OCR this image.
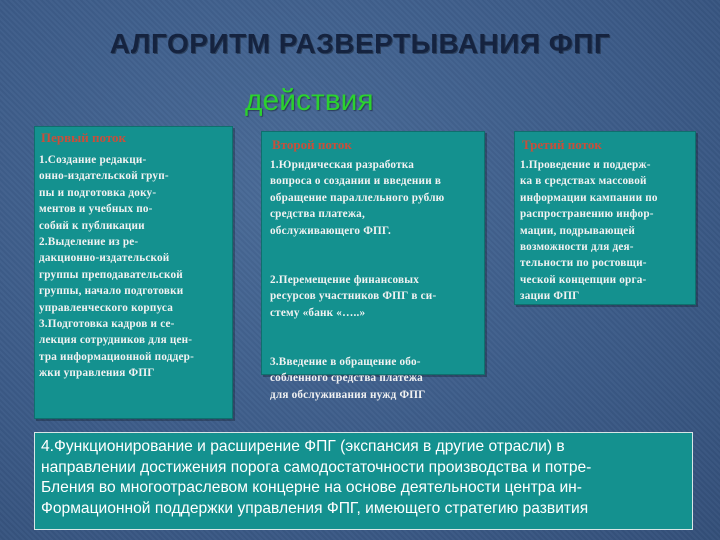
АЛГОРИТМ РАЗВЕРТЫВАНИЯ ФПГ
действия
Первый поток
1.Создание редакци-
онно-издательской груп-
пы и подготовка доку-
ментов и учебных по-
собий к публикации
2.Выделение из ре-
дакционно-издательской
группы преподавательской
группы, начало подготовки
управленческого корпуса
3.Подготовка кадров и се-
лекция сотрудников для цен-
тра информационной поддер-
жки управления ФПГ
Второй поток
1.Юридическая разработка
вопроса о создании и введении в
обращение параллельного рублю
средства платежа,
обслуживающего ФПГ.

2.Перемещение финансовых
ресурсов участников ФПГ в си-
стему «банк «…..»

3.Введение в обращение обо-
собленного средства платежа
для обслуживания нужд ФПГ
Третий поток
1.Проведение и поддерж-
ка в средствах массовой
информации кампании по
распространению инфор-
мации, подрывающей
возможности для дея-
тельности по ростовщи-
ческой концепции орга-
зации ФПГ
4.Функционирование и расширение ФПГ (экспансия в другие отрасли) в
направлении достижения порога самодостаточности производства и потре-
Бления во многоотраслевом концерне на основе деятельности центра ин-
Формационной поддержки управления ФПГ, имеющего стратегию развития
